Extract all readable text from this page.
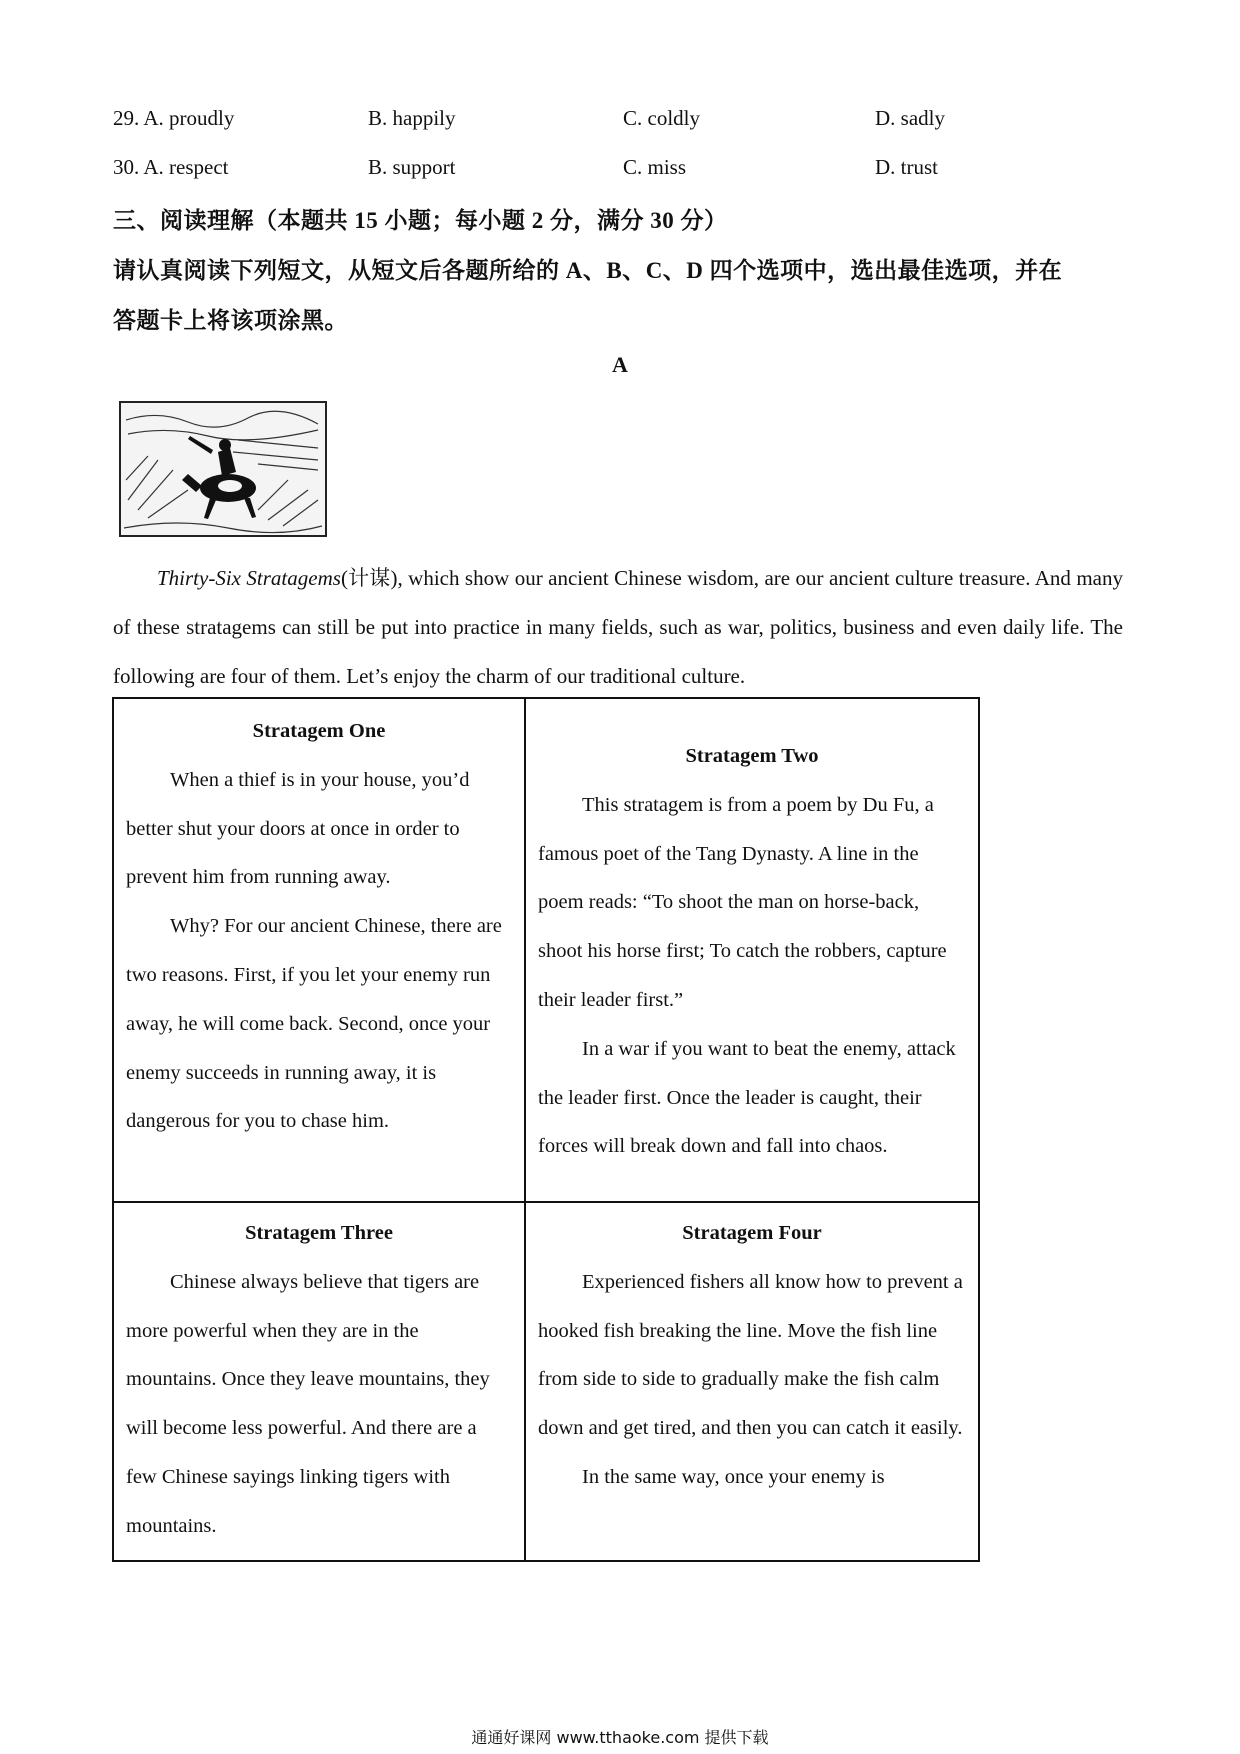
29. A. proudly	B. happily	C. coldly	D. sadly
30. A. respect	B. support	C. miss	D. trust
三、阅读理解（本题共 15 小题；每小题 2 分，满分 30 分）
请认真阅读下列短文，从短文后各题所给的 A、B、C、D 四个选项中，选出最佳选项，并在
答题卡上将该项涂黑。
A
Thirty-Six Stratagems(计谋), which show our ancient Chinese wisdom, are our ancient culture treasure. And many of these stratagems can still be put into practice in many fields, such as war, politics, business and even daily life. The following are four of them. Let’s enjoy the charm of our traditional culture.
Stratagem One

When a thief is in your house, you’d better shut your doors at once in order to prevent him from running away.

Why? For our ancient Chinese, there are two reasons. First, if you let your enemy run away, he will come back. Second, once your enemy succeeds in running away, it is dangerous for you to chase him.

Stratagem Two

This stratagem is from a poem by Du Fu, a famous poet of the Tang Dynasty. A line in the poem reads: “To shoot the man on horse-back, shoot his horse first; To catch the robbers, capture their leader first.”

In a war if you want to beat the enemy, attack the leader first. Once the leader is caught, their forces will break down and fall into chaos.

Stratagem Three

Chinese always believe that tigers are more powerful when they are in the mountains. Once they leave mountains, they will become less powerful. And there are a few Chinese sayings linking tigers with mountains.

Stratagem Four

Experienced fishers all know how to prevent a hooked fish breaking the line. Move the fish line from side to side to gradually make the fish calm down and get tired, and then you can catch it easily.

In the same way, once your enemy is

通通好课网 www.tthaoke.com 提供下载
